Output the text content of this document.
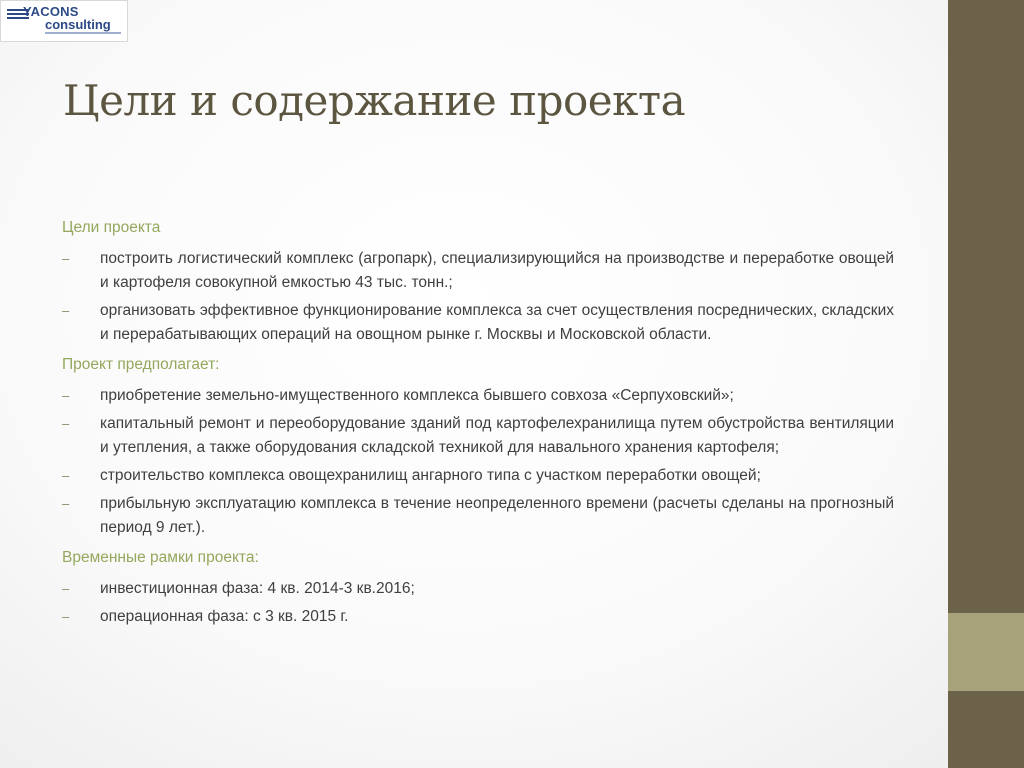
YACONS
consulting
Цели и содержание проекта
Цели проекта
– построить логистический комплекс (агропарк), специализирующийся на производстве и переработке овощей и картофеля совокупной емкостью 43 тыс. тонн.;
– организовать эффективное функционирование комплекса за счет осуществления посреднических, складских и перерабатывающих операций на овощном рынке г. Москвы и Московской области.
Проект предполагает:
– приобретение земельно-имущественного комплекса бывшего совхоза «Серпуховский»;
– капитальный ремонт и переоборудование зданий под картофелехранилища путем обустройства вентиляции и утепления, а также оборудования складской техникой для навального хранения картофеля;
– строительство комплекса овощехранилищ ангарного типа с участком переработки овощей;
– прибыльную эксплуатацию комплекса в течение неопределенного времени (расчеты сделаны на прогнозный период 9 лет.).
Временные рамки проекта:
– инвестиционная фаза: 4 кв. 2014-3 кв.2016;
– операционная фаза: с 3 кв. 2015 г.
